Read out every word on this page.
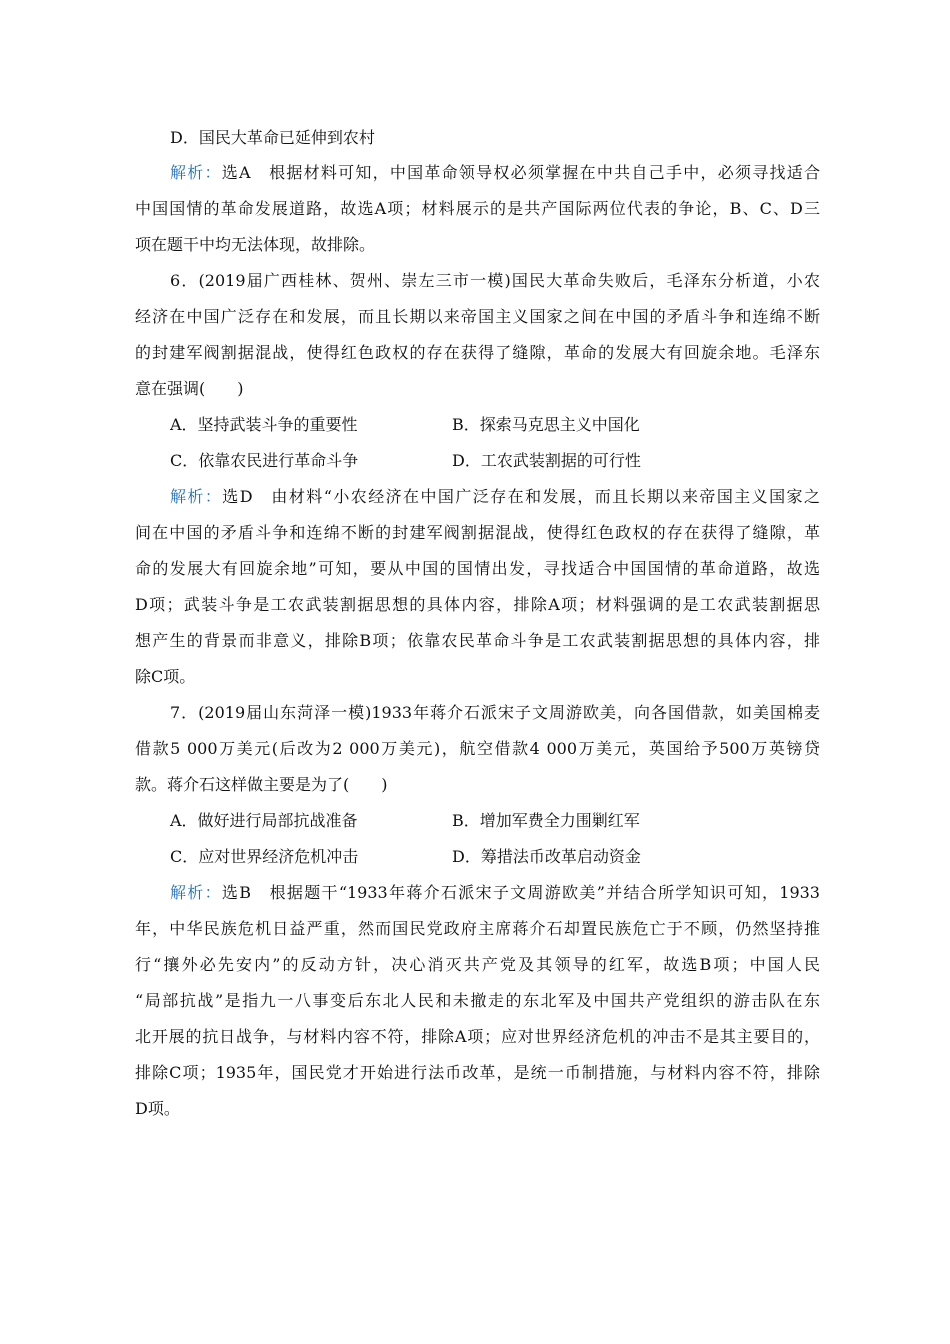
D．国民大革命已延伸到农村
解析：选A　根据材料可知，中国革命领导权必须掌握在中共自己手中，必须寻找适合
中国国情的革命发展道路，故选A项；材料展示的是共产国际两位代表的争论，B、C、D三
项在题干中均无法体现，故排除。
6．(2019届广西桂林、贺州、崇左三市一模)国民大革命失败后，毛泽东分析道，小农
经济在中国广泛存在和发展，而且长期以来帝国主义国家之间在中国的矛盾斗争和连绵不断
的封建军阀割据混战，使得红色政权的存在获得了缝隙，革命的发展大有回旋余地。毛泽东
意在强调(　　)
A．坚持武装斗争的重要性	B．探索马克思主义中国化
C．依靠农民进行革命斗争	D．工农武装割据的可行性
解析：选D　由材料“小农经济在中国广泛存在和发展，而且长期以来帝国主义国家之
间在中国的矛盾斗争和连绵不断的封建军阀割据混战，使得红色政权的存在获得了缝隙，革
命的发展大有回旋余地”可知，要从中国的国情出发，寻找适合中国国情的革命道路，故选
D项；武装斗争是工农武装割据思想的具体内容，排除A项；材料强调的是工农武装割据思
想产生的背景而非意义，排除B项；依靠农民革命斗争是工农武装割据思想的具体内容，排
除C项。
7．(2019届山东菏泽一模)1933年蒋介石派宋子文周游欧美，向各国借款，如美国棉麦
借款5 000万美元(后改为2 000万美元)，航空借款4 000万美元，英国给予500万英镑贷
款。蒋介石这样做主要是为了(　　)
A．做好进行局部抗战准备	B．增加军费全力围剿红军
C．应对世界经济危机冲击	D．筹措法币改革启动资金
解析：选B　根据题干“1933年蒋介石派宋子文周游欧美”并结合所学知识可知，1933
年，中华民族危机日益严重，然而国民党政府主席蒋介石却置民族危亡于不顾，仍然坚持推
行“攘外必先安内”的反动方针，决心消灭共产党及其领导的红军，故选B项；中国人民
“局部抗战”是指九一八事变后东北人民和未撤走的东北军及中国共产党组织的游击队在东
北开展的抗日战争，与材料内容不符，排除A项；应对世界经济危机的冲击不是其主要目的，
排除C项；1935年，国民党才开始进行法币改革，是统一币制措施，与材料内容不符，排除
D项。
